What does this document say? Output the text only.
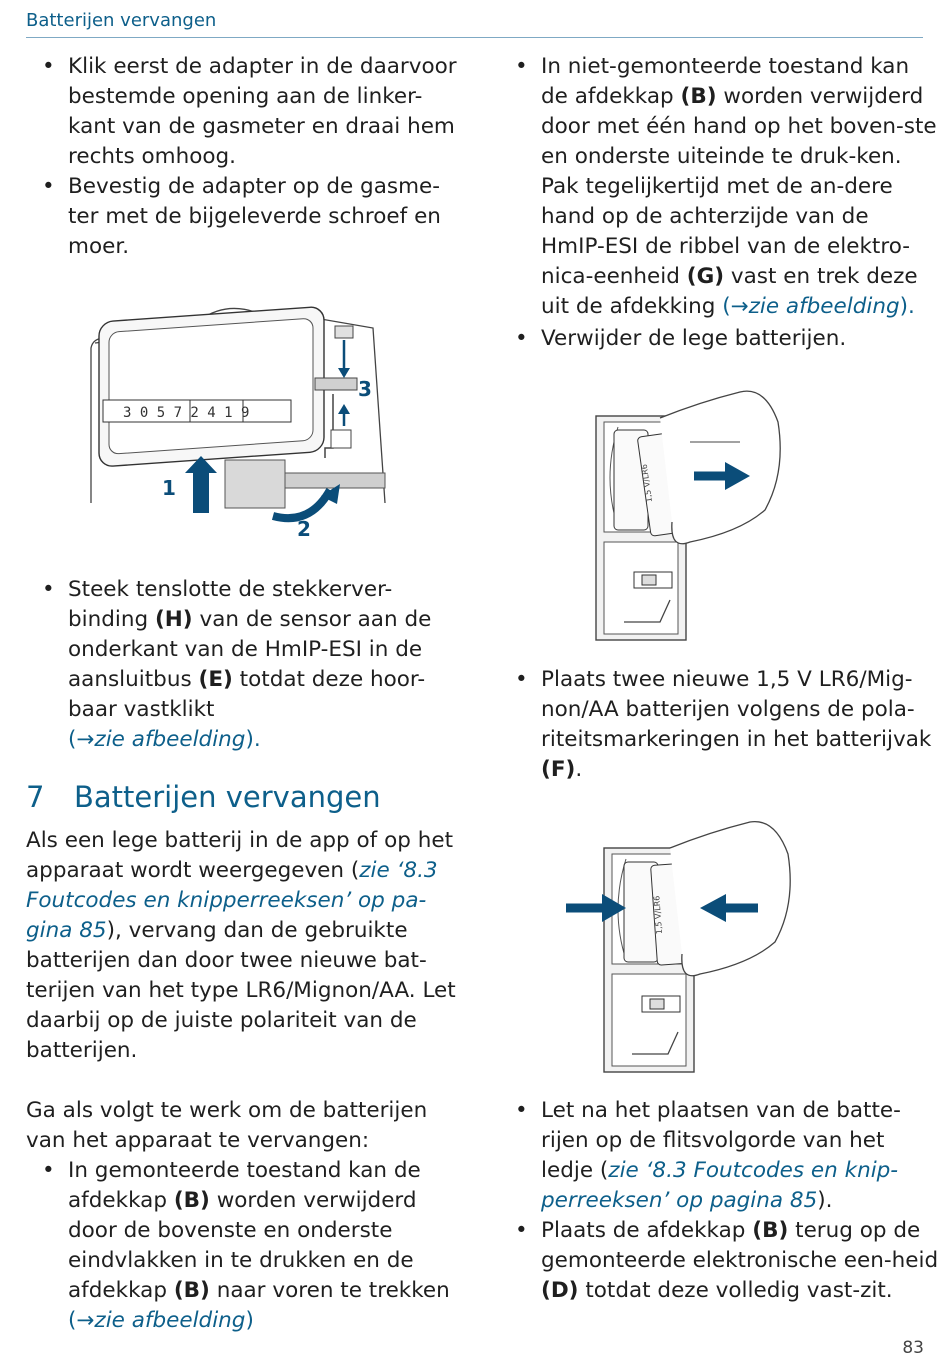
Batterijen vervangen

• Klik eerst de adapter in de daarvoor bestemde opening aan de linker-kant van de gasmeter en draai hem rechts omhoog.

• Bevestig de adapter op de gasme-ter met de bijgeleverde schroef en moer.

3 0 5 7 2 4 1 9
1
2
3

• Steek tenslotte de stekkerver-binding (H) van de sensor aan de onderkant van de HmIP-ESI in de aansluitbus (E) totdat deze hoor-baar vastklikt
(→zie afbeelding).

7 Batterijen vervangen

Als een lege batterij in de app of op het apparaat wordt weergegeven (zie ‘8.3 Foutcodes en knipperreeksen’ op pa-gina 85), vervang dan de gebruikte batterijen dan door twee nieuwe bat-terijen van het type LR6/Mignon/AA. Let daarbij op de juiste polariteit van de batterijen.

Ga als volgt te werk om de batterijen van het apparaat te vervangen:

• In gemonteerde toestand kan de afdekkap (B) worden verwijderd door de bovenste en onderste eindvlakken in te drukken en de afdekkap (B) naar voren te trekken
(→zie afbeelding)

• In niet-gemonteerde toestand kan de afdekkap (B) worden verwijderd door met één hand op het boven-ste en onderste uiteinde te druk-ken. Pak tegelijkertijd met de an-dere hand op de achterzijde van de HmIP-ESI de ribbel van de elektro-nica-eenheid (G) vast en trek deze uit de afdekking (→zie afbeelding).

• Verwijder de lege batterijen.

1,5 V/LR6

• Plaats twee nieuwe 1,5 V LR6/Mig-non/AA batterijen volgens de pola-riteitsmarkeringen in het batterijvak (F).

1,5 V/LR6

• Let na het plaatsen van de batte-rijen op de flitsvolgorde van het ledje (zie ‘8.3 Foutcodes en knip-perreeksen’ op pagina 85).

• Plaats de afdekkap (B) terug op de gemonteerde elektronische een-heid (D) totdat deze volledig vast-zit.

83
